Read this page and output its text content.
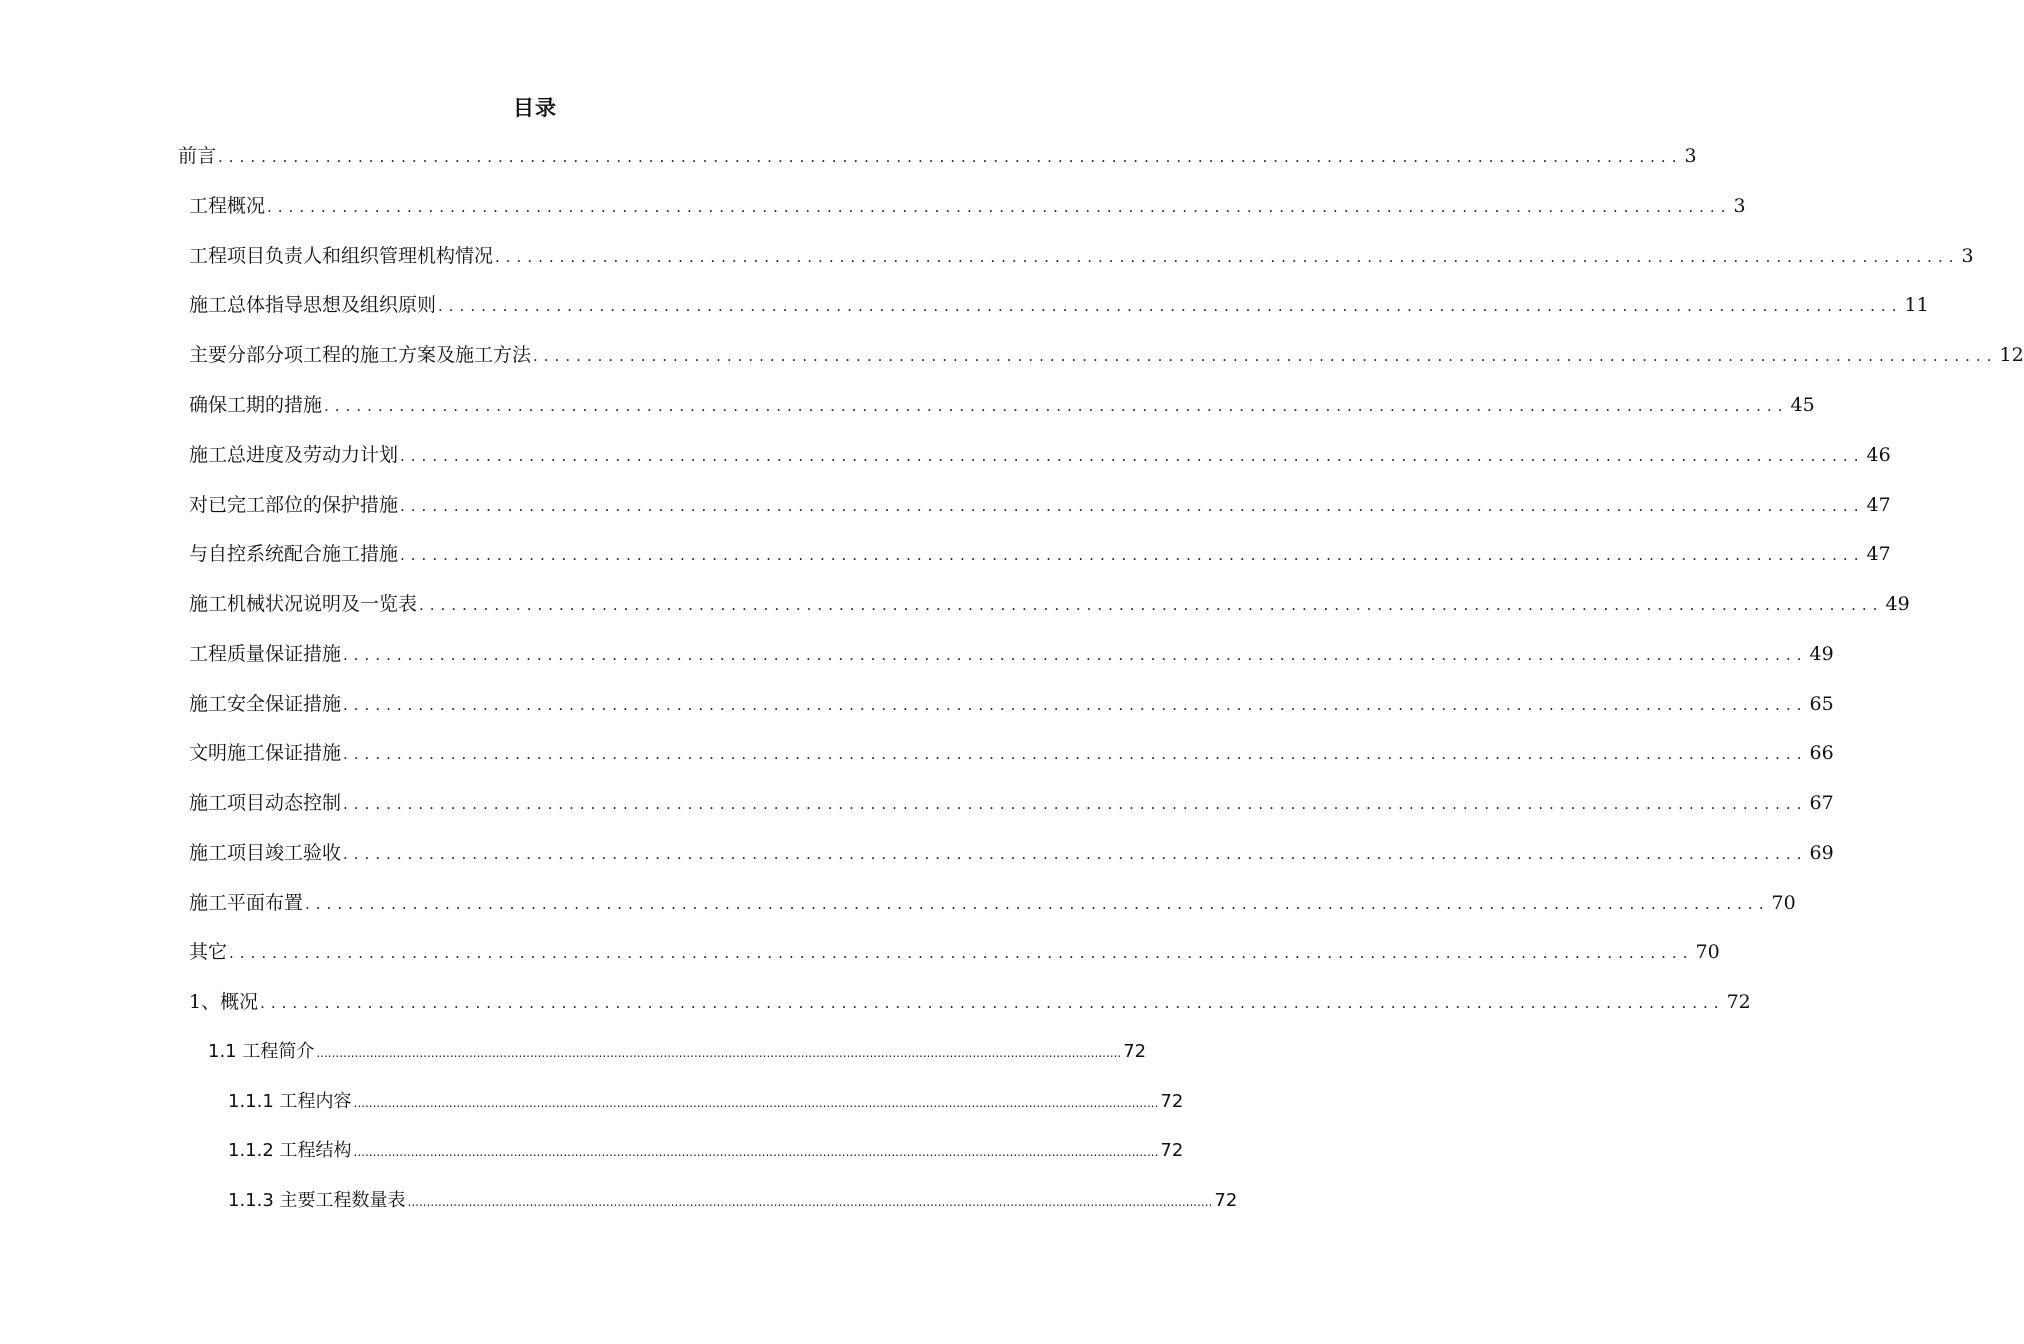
目录
前言 ........................................................................................................................................ 3
工程概况 ........................................................................................................................................ 3
工程项目负责人和组织管理机构情况 ........................................................................................................................................ 3
施工总体指导思想及组织原则 ........................................................................................................................................ 11
主要分部分项工程的施工方案及施工方法 ........................................................................................................................................ 12
确保工期的措施 ........................................................................................................................................ 45
施工总进度及劳动力计划 ........................................................................................................................................ 46
对已完工部位的保护措施 ........................................................................................................................................ 47
与自控系统配合施工措施 ........................................................................................................................................ 47
施工机械状况说明及一览表 ........................................................................................................................................ 49
工程质量保证措施 ........................................................................................................................................ 49
施工安全保证措施 ........................................................................................................................................ 65
文明施工保证措施 ........................................................................................................................................ 66
施工项目动态控制 ........................................................................................................................................ 67
施工项目竣工验收 ........................................................................................................................................ 69
施工平面布置 ........................................................................................................................................ 70
其它 ........................................................................................................................................ 70
1、概况 ........................................................................................................................................ 72
1.1 工程简介 ................................................................................................................................................................................................................... 72
1.1.1 工程内容 ................................................................................................................................................................................................................... 72
1.1.2 工程结构 ................................................................................................................................................................................................................... 72
1.1.3 主要工程数量表 ................................................................................................................................................................................................................... 72
